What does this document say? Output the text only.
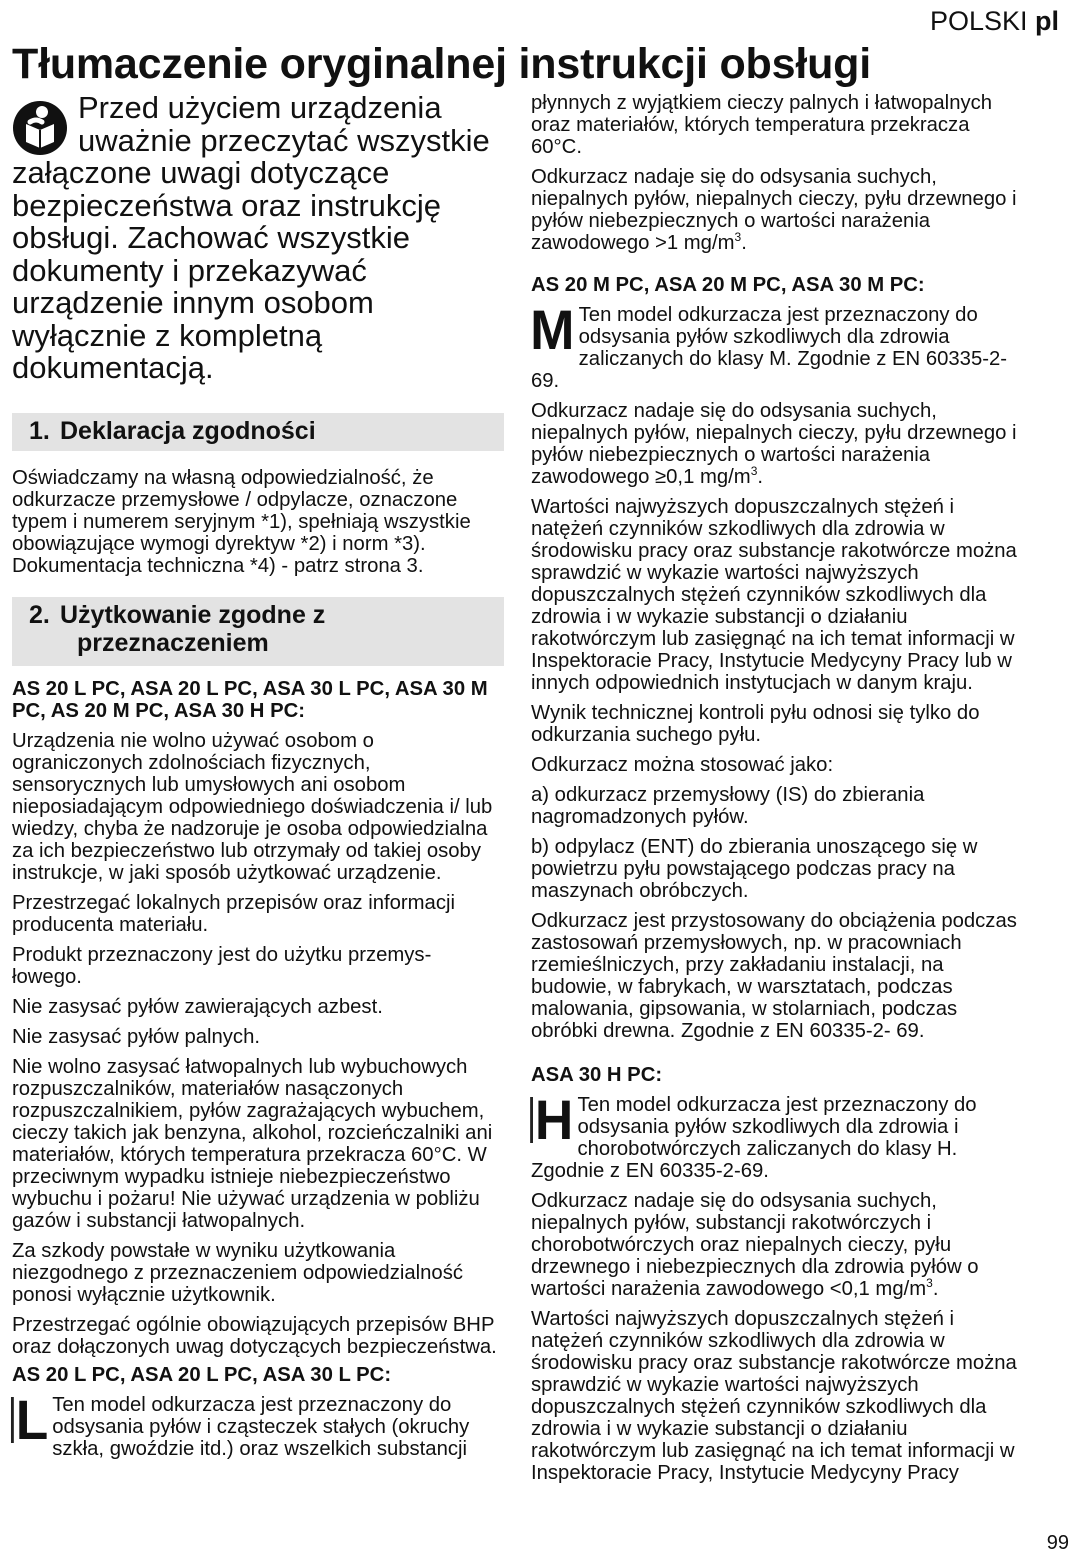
POLSKI pl
Tłumaczenie oryginalnej instrukcji obsługi
Przed użyciem urządzenia uważnie przeczytać wszystkie załączone uwagi dotyczące bezpieczeństwa oraz instrukcję obsługi. Zachować wszystkie dokumenty i przekazywać urządzenie innym osobom wyłącznie z kompletną dokumentacją.
1. Deklaracja zgodności
Oświadczamy na własną odpowiedzialność, że odkurzacze przemysłowe / odpylacze, oznaczone typem i numerem seryjnym *1), spełniają wszystkie obowiązujące wymogi dyrektyw *2) i norm *3). Dokumentacja techniczna *4) - patrz strona 3.
2. Użytkowanie zgodne z
przeznaczeniem
AS 20 L PC, ASA 20 L PC, ASA 30 L PC, ASA 30 M PC, AS 20 M PC, ASA 30 H PC:
Urządzenia nie wolno używać osobom o ograniczonych zdolnościach fizycznych, sensorycznych lub umysłowych ani osobom nieposiadającym odpowiedniego doświadczenia i/ lub wiedzy, chyba że nadzoruje je osoba odpowiedzialna za ich bezpieczeństwo lub otrzymały od takiej osoby instrukcje, w jaki sposób użytkować urządzenie.
Przestrzegać lokalnych przepisów oraz informacji producenta materiału.
Produkt przeznaczony jest do użytku przemys- łowego.
Nie zasysać pyłów zawierających azbest.
Nie zasysać pyłów palnych.
Nie wolno zasysać łatwopalnych lub wybuchowych rozpuszczalników, materiałów nasączonych rozpuszczalnikiem, pyłów zagrażających wybuchem, cieczy takich jak benzyna, alkohol, rozcieńczalniki ani materiałów, których temperatura przekracza 60°C. W przeciwnym wypadku istnieje niebezpieczeństwo wybuchu i pożaru! Nie używać urządzenia w pobliżu gazów i substancji łatwopalnych.
Za szkody powstałe w wyniku użytkowania niezgodnego z przeznaczeniem odpowiedzialność ponosi wyłącznie użytkownik.
Przestrzegać ogólnie obowiązujących przepisów BHP oraz dołączonych uwag dotyczących bezpieczeństwa.
AS 20 L PC, ASA 20 L PC, ASA 30 L PC:
L Ten model odkurzacza jest przeznaczony do odsysania pyłów i cząsteczek stałych (okruchy szkła, gwoździe itd.) oraz wszelkich substancji
płynnych z wyjątkiem cieczy palnych i łatwopalnych oraz materiałów, których temperatura przekracza 60°C.
Odkurzacz nadaje się do odsysania suchych, niepalnych pyłów, niepalnych cieczy, pyłu drzewnego i pyłów niebezpiecznych o wartości narażenia zawodowego >1 $mg/m^3$.
AS 20 M PC, ASA 20 M PC, ASA 30 M PC:
M Ten model odkurzacza jest przeznaczony do odsysania pyłów szkodliwych dla zdrowia zaliczanych do klasy M. Zgodnie z EN 60335-2-69.
Odkurzacz nadaje się do odsysania suchych, niepalnych pyłów, niepalnych cieczy, pyłu drzewnego i pyłów niebezpiecznych o wartości narażenia zawodowego ≥0,1 $mg/m^3$.
Wartości najwyższych dopuszczalnych stężeń i natężeń czynników szkodliwych dla zdrowia w środowisku pracy oraz substancje rakotwórcze można sprawdzić w wykazie wartości najwyższych dopuszczalnych stężeń czynników szkodliwych dla zdrowia i w wykazie substancji o działaniu rakotwórczym lub zasięgnąć na ich temat informacji w Inspektoracie Pracy, Instytucie Medycyny Pracy lub w innych odpowiednich instytucjach w danym kraju.
Wynik technicznej kontroli pyłu odnosi się tylko do odkurzania suchego pyłu.
Odkurzacz można stosować jako:
a) odkurzacz przemysłowy (IS) do zbierania nagromadzonych pyłów.
b) odpylacz (ENT) do zbierania unoszącego się w powietrzu pyłu powstającego podczas pracy na maszynach obróbczych.
Odkurzacz jest przystosowany do obciążenia podczas zastosowań przemysłowych, np. w pracowniach rzemieślniczych, przy zakładaniu instalacji, na budowie, w fabrykach, w warsztatach, podczas malowania, gipsowania, w stolarniach, podczas obróbki drewna. Zgodnie z EN 60335-2- 69.
ASA 30 H PC:
H Ten model odkurzacza jest przeznaczony do odsysania pyłów szkodliwych dla zdrowia i chorobotwórczych zaliczanych do klasy H. Zgodnie z EN 60335-2-69.
Odkurzacz nadaje się do odsysania suchych, niepalnych pyłów, substancji rakotwórczych i chorobotwórczych oraz niepalnych cieczy, pyłu drzewnego i niebezpiecznych dla zdrowia pyłów o wartości narażenia zawodowego <0,1 $mg/m^3$.
Wartości najwyższych dopuszczalnych stężeń i natężeń czynników szkodliwych dla zdrowia w środowisku pracy oraz substancje rakotwórcze można sprawdzić w wykazie wartości najwyższych dopuszczalnych stężeń czynników szkodliwych dla zdrowia i w wykazie substancji o działaniu rakotwórczym lub zasięgnąć na ich temat informacji w Inspektoracie Pracy, Instytucie Medycyny Pracy
99
